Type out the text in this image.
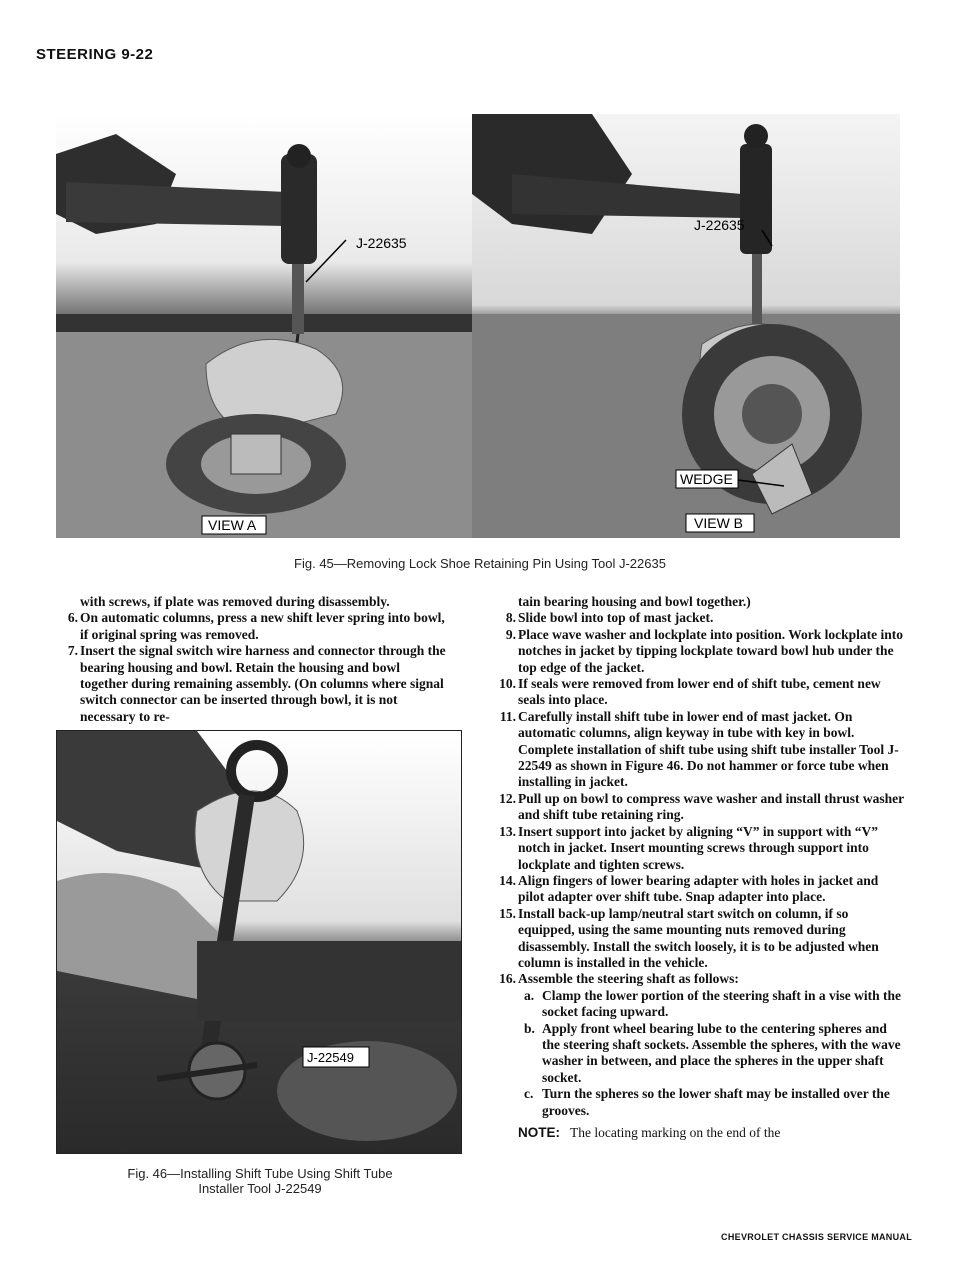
STEERING 9-22
J-22635
VIEW A
J-22635
WEDGE
VIEW B
Fig. 45—Removing Lock Shoe Retaining Pin Using Tool J-22635

with screws, if plate was removed during disassembly.

6. On automatic columns, press a new shift lever spring into bowl, if original spring was removed.

7. Insert the signal switch wire harness and connector through the bearing housing and bowl. Retain the housing and bowl together during remaining assembly. (On columns where signal switch connector can be inserted through bowl, it is not necessary to re-

J-22549
Fig. 46—Installing Shift Tube Using Shift Tube
Installer Tool J-22549

tain bearing housing and bowl together.)

8. Slide bowl into top of mast jacket.

9. Place wave washer and lockplate into position. Work lockplate into notches in jacket by tipping lockplate toward bowl hub under the top edge of the jacket.

10. If seals were removed from lower end of shift tube, cement new seals into place.

11. Carefully install shift tube in lower end of mast jacket. On automatic columns, align keyway in tube with key in bowl. Complete installation of shift tube using shift tube installer Tool J-22549 as shown in Figure 46. Do not hammer or force tube when installing in jacket.

12. Pull up on bowl to compress wave washer and install thrust washer and shift tube retaining ring.

13. Insert support into jacket by aligning “V” in support with “V” notch in jacket. Insert mounting screws through support into lockplate and tighten screws.

14. Align fingers of lower bearing adapter with holes in jacket and pilot adapter over shift tube. Snap adapter into place.

15. Install back-up lamp/neutral start switch on column, if so equipped, using the same mounting nuts removed during disassembly. Install the switch loosely, it is to be adjusted when column is installed in the vehicle.

16. Assemble the steering shaft as follows:

a. Clamp the lower portion of the steering shaft in a vise with the socket facing upward.

b. Apply front wheel bearing lube to the centering spheres and the steering shaft sockets. Assemble the spheres, with the wave washer in between, and place the spheres in the upper shaft socket.

c. Turn the spheres so the lower shaft may be installed over the grooves.

NOTE: The locating marking on the end of the

CHEVROLET CHASSIS SERVICE MANUAL
